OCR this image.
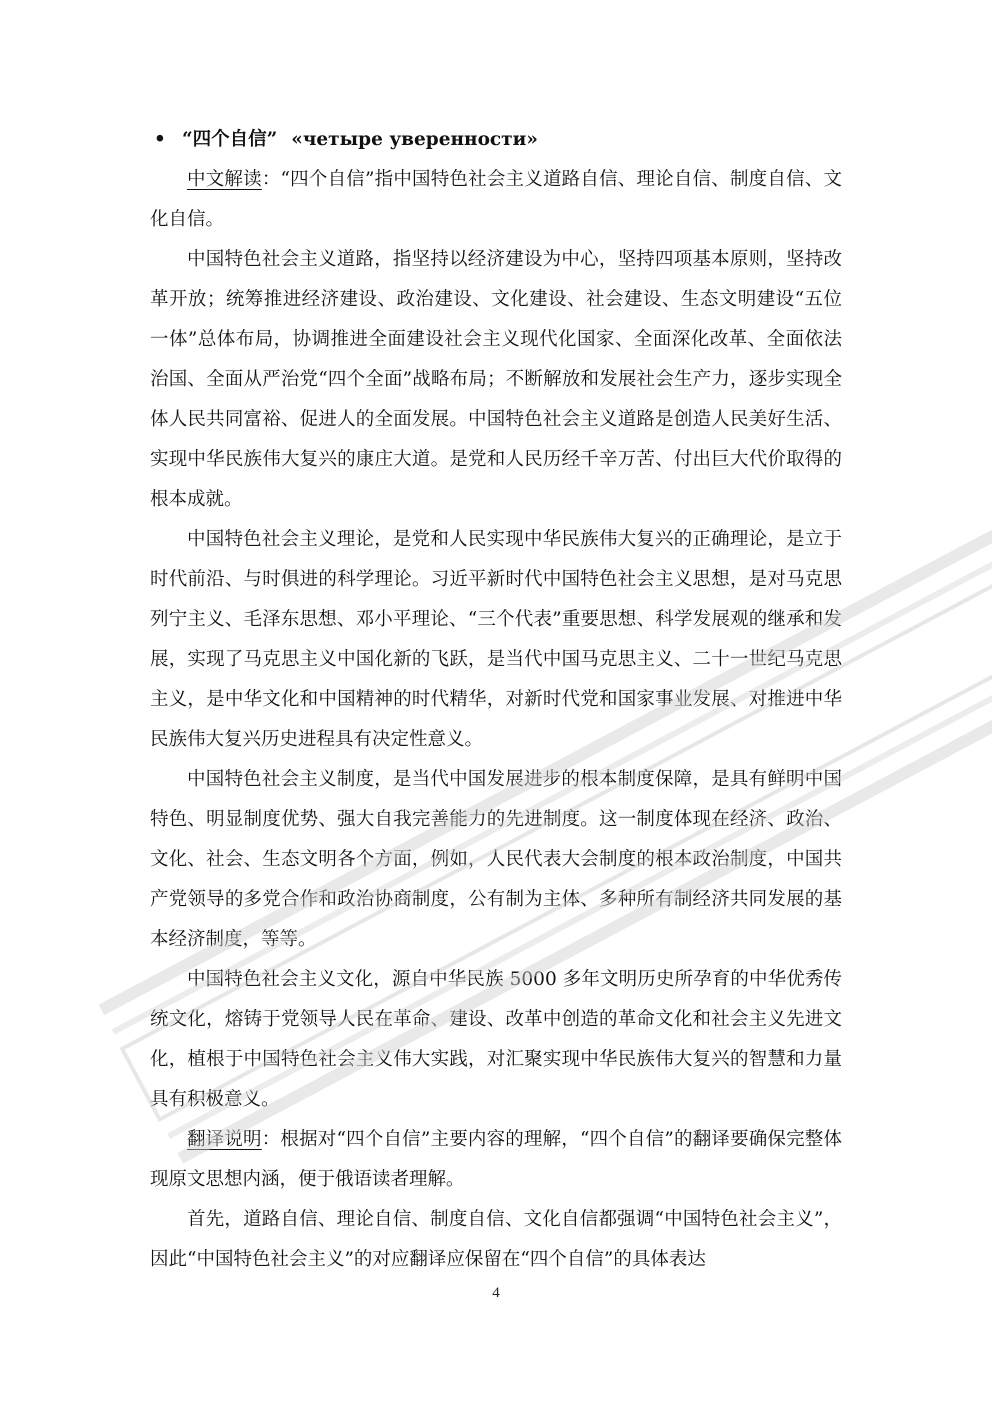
• “四个自信” «четыре уверенности»

中文解读：“四个自信”指中国特色社会主义道路自信、理论自信、制度自信、文化自信。

中国特色社会主义道路，指坚持以经济建设为中心，坚持四项基本原则，坚持改革开放；统筹推进经济建设、政治建设、文化建设、社会建设、生态文明建设“五位一体”总体布局，协调推进全面建设社会主义现代化国家、全面深化改革、全面依法治国、全面从严治党“四个全面”战略布局；不断解放和发展社会生产力，逐步实现全体人民共同富裕、促进人的全面发展。中国特色社会主义道路是创造人民美好生活、实现中华民族伟大复兴的康庄大道。是党和人民历经千辛万苦、付出巨大代价取得的根本成就。

中国特色社会主义理论，是党和人民实现中华民族伟大复兴的正确理论，是立于时代前沿、与时俱进的科学理论。习近平新时代中国特色社会主义思想，是对马克思列宁主义、毛泽东思想、邓小平理论、“三个代表”重要思想、科学发展观的继承和发展，实现了马克思主义中国化新的飞跃，是当代中国马克思主义、二十一世纪马克思主义，是中华文化和中国精神的时代精华，对新时代党和国家事业发展、对推进中华民族伟大复兴历史进程具有决定性意义。

中国特色社会主义制度，是当代中国发展进步的根本制度保障，是具有鲜明中国特色、明显制度优势、强大自我完善能力的先进制度。这一制度体现在经济、政治、文化、社会、生态文明各个方面，例如，人民代表大会制度的根本政治制度，中国共产党领导的多党合作和政治协商制度，公有制为主体、多种所有制经济共同发展的基本经济制度，等等。

中国特色社会主义文化，源自中华民族 5000 多年文明历史所孕育的中华优秀传统文化，熔铸于党领导人民在革命、建设、改革中创造的革命文化和社会主义先进文化，植根于中国特色社会主义伟大实践，对汇聚实现中华民族伟大复兴的智慧和力量具有积极意义。

翻译说明：根据对“四个自信”主要内容的理解，“四个自信”的翻译要确保完整体现原文思想内涵，便于俄语读者理解。

首先，道路自信、理论自信、制度自信、文化自信都强调“中国特色社会主义”，因此“中国特色社会主义”的对应翻译应保留在“四个自信”的具体表达

4
